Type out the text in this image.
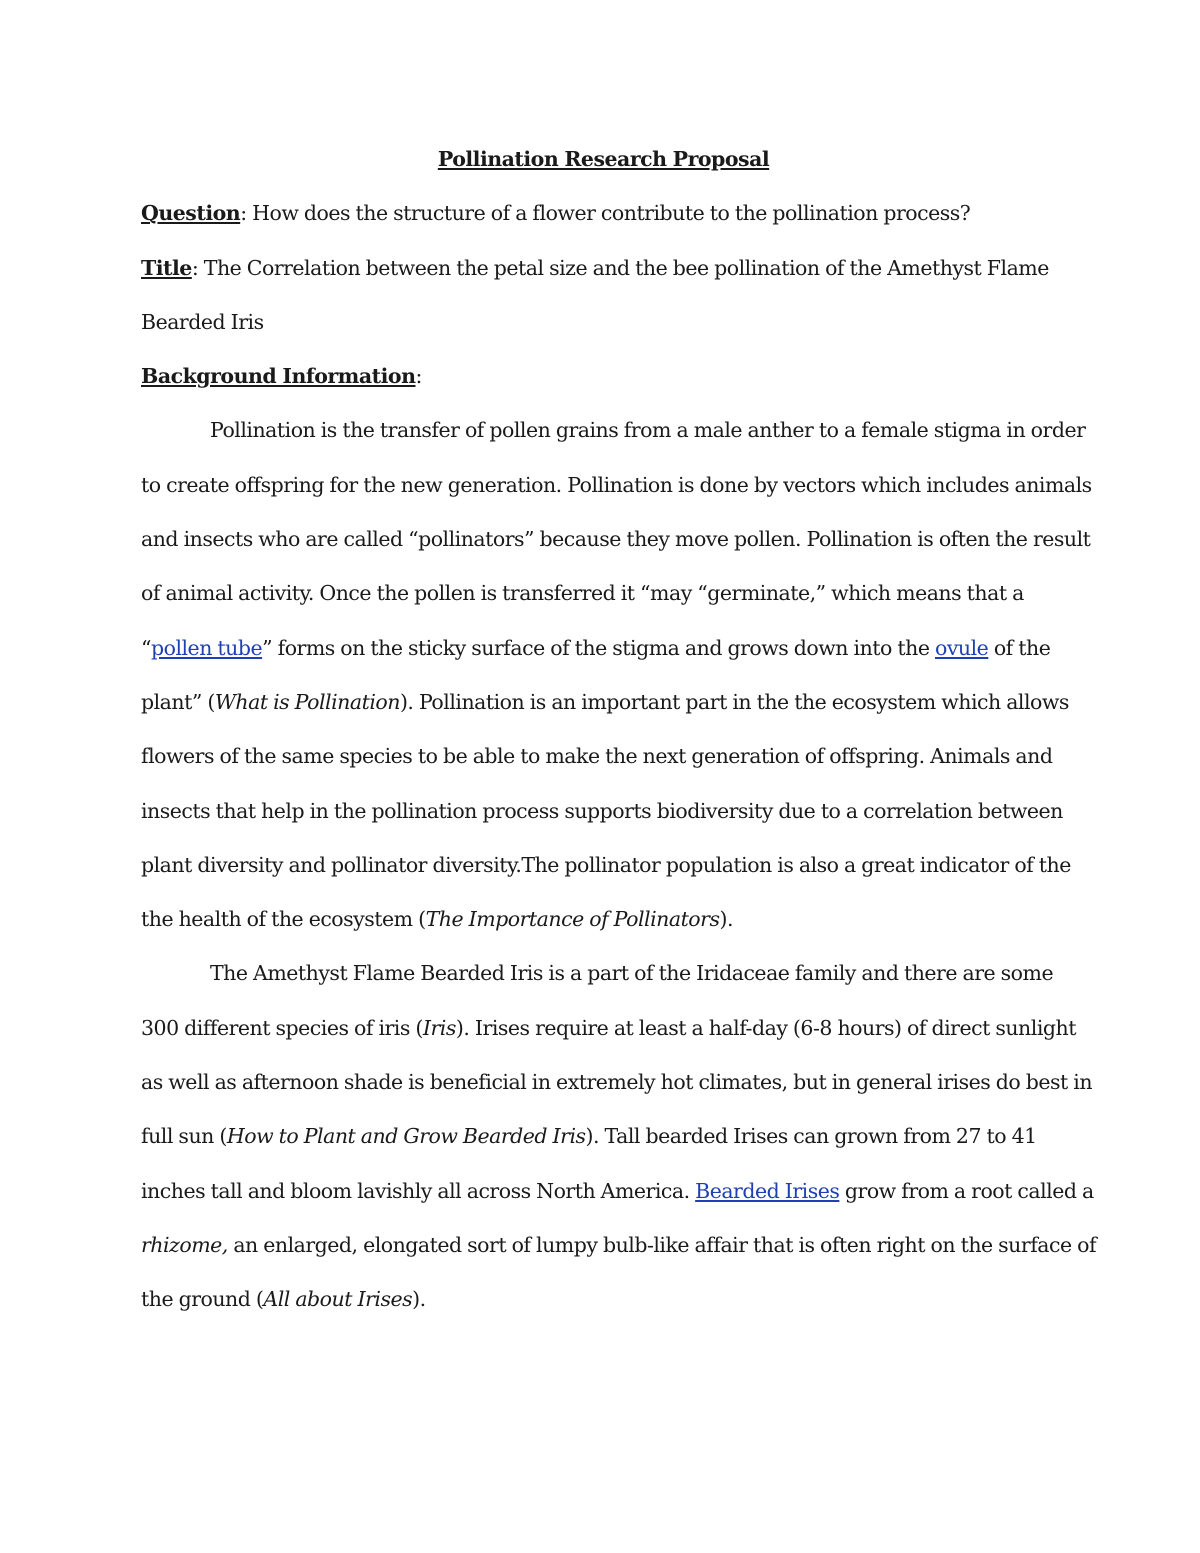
Pollination Research Proposal
Question: How does the structure of a flower contribute to the pollination process?
Title: The Correlation between the petal size and the bee pollination of the Amethyst Flame
Bearded Iris
Background Information:
Pollination is the transfer of pollen grains from a male anther to a female stigma in order
to create offspring for the new generation. Pollination is done by vectors which includes animals
and insects who are called “pollinators” because they move pollen. Pollination is often the result
of animal activity. Once the pollen is transferred it “may “germinate,” which means that a
“pollen tube” forms on the sticky surface of the stigma and grows down into the ovule of the
plant” (What is Pollination). Pollination is an important part in the the ecosystem which allows
flowers of the same species to be able to make the next generation of offspring. Animals and
insects that help in the pollination process supports biodiversity due to a correlation between
plant diversity and pollinator diversity.The pollinator population is also a great indicator of the
the health of the ecosystem (The Importance of Pollinators).
The Amethyst Flame Bearded Iris is a part of the Iridaceae family and there are some
300 different species of iris (Iris). Irises require at least a half-day (6-8 hours) of direct sunlight
as well as afternoon shade is beneficial in extremely hot climates, but in general irises do best in
full sun (How to Plant and Grow Bearded Iris). Tall bearded Irises can grown from 27 to 41
inches tall and bloom lavishly all across North America. Bearded Irises grow from a root called a
rhizome, an enlarged, elongated sort of lumpy bulb-like affair that is often right on the surface of
the ground (All about Irises).
